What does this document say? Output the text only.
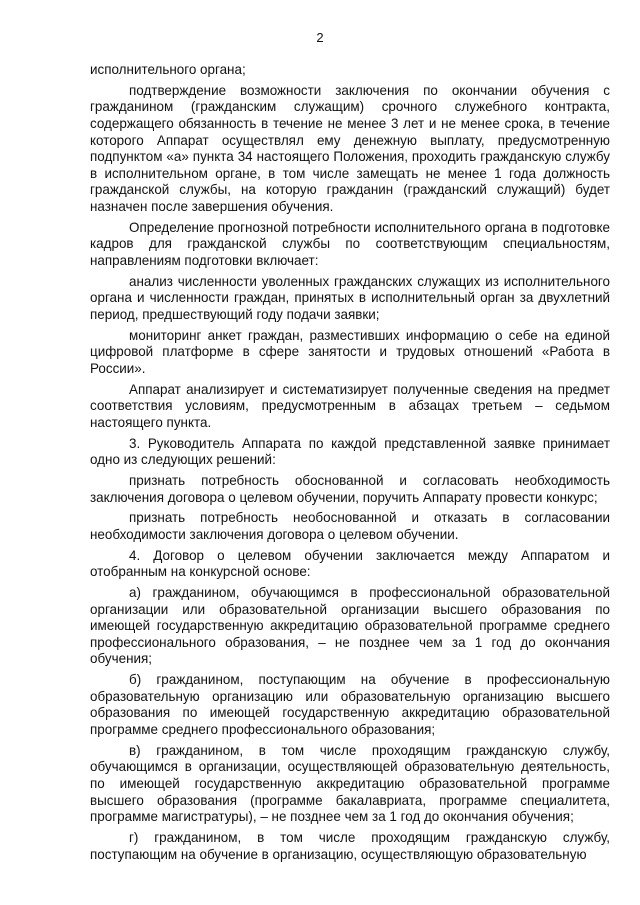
2

исполнительного органа;

подтверждение возможности заключения по окончании обучения с гражданином (гражданским служащим) срочного служебного контракта, содержащего обязанность в течение не менее 3 лет и не менее срока, в течение которого Аппарат осуществлял ему денежную выплату, предусмотренную подпунктом «а» пункта 34 настоящего Положения, проходить гражданскую службу в исполнительном органе, в том числе замещать не менее 1 года должность гражданской службы, на которую гражданин (гражданский служащий) будет назначен после завершения обучения.

Определение прогнозной потребности исполнительного органа в подготовке кадров для гражданской службы по соответствующим специальностям, направлениям подготовки включает:

анализ численности уволенных гражданских служащих из исполнительного органа и численности граждан, принятых в исполнительный орган за двухлетний период, предшествующий году подачи заявки;

мониторинг анкет граждан, разместивших информацию о себе на единой цифровой платформе в сфере занятости и трудовых отношений «Работа в России».

Аппарат анализирует и систематизирует полученные сведения на предмет соответствия условиям, предусмотренным в абзацах третьем – седьмом настоящего пункта.

3. Руководитель Аппарата по каждой представленной заявке принимает одно из следующих решений:

признать потребность обоснованной и согласовать необходимость заключения договора о целевом обучении, поручить Аппарату провести конкурс;

признать потребность необоснованной и отказать в согласовании необходимости заключения договора о целевом обучении.

4. Договор о целевом обучении заключается между Аппаратом и отобранным на конкурсной основе:

а) гражданином, обучающимся в профессиональной образовательной организации или образовательной организации высшего образования по имеющей государственную аккредитацию образовательной программе среднего профессионального образования, – не позднее чем за 1 год до окончания обучения;

б) гражданином, поступающим на обучение в профессиональную образовательную организацию или образовательную организацию высшего образования по имеющей государственную аккредитацию образовательной программе среднего профессионального образования;

в) гражданином, в том числе проходящим гражданскую службу, обучающимся в организации, осуществляющей образовательную деятельность, по имеющей государственную аккредитацию образовательной программе высшего образования (программе бакалавриата, программе специалитета, программе магистратуры), – не позднее чем за 1 год до окончания обучения;

г) гражданином, в том числе проходящим гражданскую службу, поступающим на обучение в организацию, осуществляющую образовательную
